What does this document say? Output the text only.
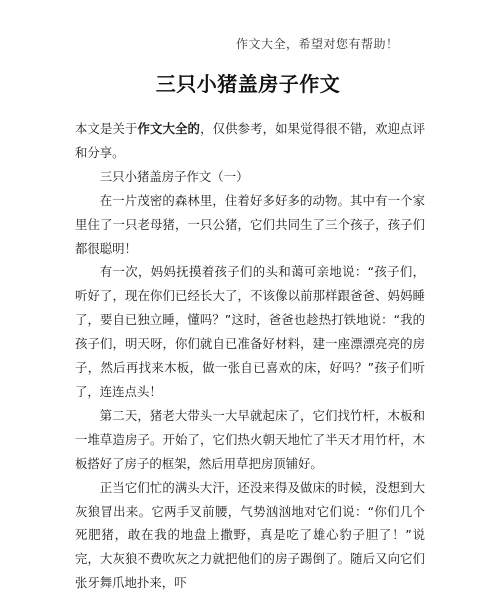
作文大全，希望对您有帮助！
三只小猪盖房子作文

本文是关于作文大全的，仅供参考，如果觉得很不错，欢迎点评和分享。

三只小猪盖房子作文（一）

在一片茂密的森林里，住着好多好多的动物。其中有一个家里住了一只老母猪，一只公猪，它们共同生了三个孩子，孩子们都很聪明！

有一次，妈妈抚摸着孩子们的头和蔼可亲地说：“孩子们，听好了，现在你们已经长大了，不该像以前那样跟爸爸、妈妈睡了，要自已独立睡，懂吗？”这时，爸爸也趁热打铁地说：“我的孩子们，明天呀，你们就自已准备好材料，建一座漂漂亮亮的房子，然后再找来木板，做一张自已喜欢的床，好吗？”孩子们听了，连连点头！

第二天，猪老大带头一大早就起床了，它们找竹杆，木板和一堆草造房子。开始了，它们热火朝天地忙了半天才用竹杆，木板搭好了房子的框架，然后用草把房顶铺好。

正当它们忙的满头大汗，还没来得及做床的时候，没想到大灰狼冒出来。它两手叉前腰，气势汹汹地对它们说：“你们几个死肥猪，敢在我的地盘上撒野，真是吃了雄心豹子胆了！”说完，大灰狼不费吹灰之力就把他们的房子踢倒了。随后又向它们张牙舞爪地扑来，吓
